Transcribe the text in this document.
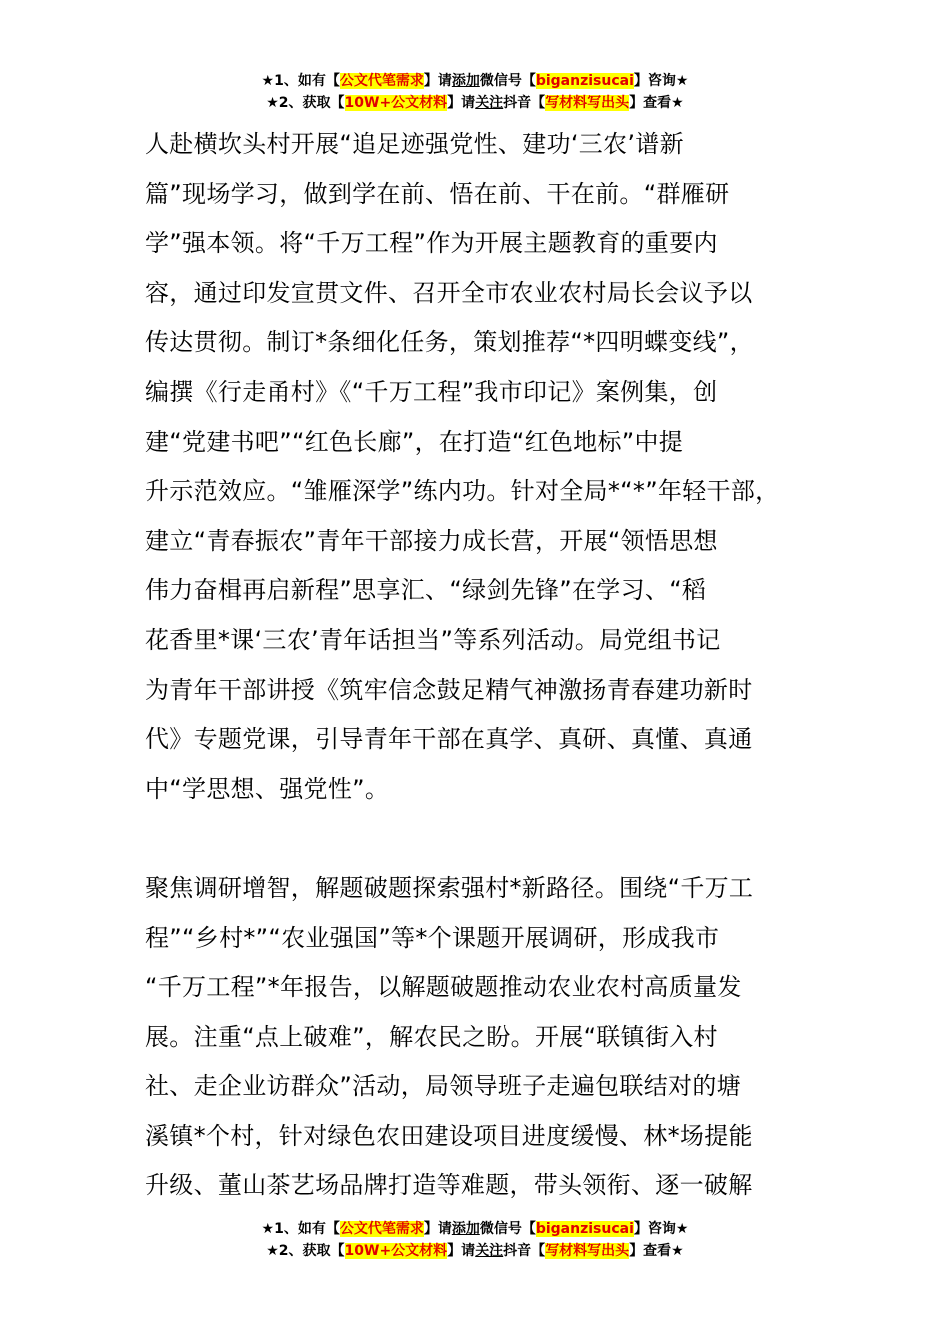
★1、如有【公文代笔需求】请添加微信号【biganzisucai】咨询★
★2、获取【10W+公文材料】请关注抖音【写材料写出头】查看★
人赴横坎头村开展“追足迹强党性、建功‘三农’谱新
篇”现场学习，做到学在前、悟在前、干在前。“群雁研
学”强本领。将“千万工程”作为开展主题教育的重要内
容，通过印发宣贯文件、召开全市农业农村局长会议予以
传达贯彻。制订*条细化任务，策划推荐“*四明蝶变线”，
编撰《行走甬村》《“千万工程”我市印记》案例集，创
建“党建书吧”“红色长廊”，在打造“红色地标”中提
升示范效应。“雏雁深学”练内功。针对全局*“*”年轻干部，
建立“青春振农”青年干部接力成长营，开展“领悟思想
伟力奋楫再启新程”思享汇、“绿剑先锋”在学习、“稻
花香里*课‘三农’青年话担当”等系列活动。局党组书记
为青年干部讲授《筑牢信念鼓足精气神激扬青春建功新时
代》专题党课，引导青年干部在真学、真研、真懂、真通
中“学思想、强党性”。
聚焦调研增智，解题破题探索强村*新路径。围绕“千万工
程”“乡村*”“农业强国”等*个课题开展调研，形成我市
“千万工程”*年报告，以解题破题推动农业农村高质量发
展。注重“点上破难”，解农民之盼。开展“联镇街入村
社、走企业访群众”活动，局领导班子走遍包联结对的塘
溪镇*个村，针对绿色农田建设项目进度缓慢、林*场提能
升级、董山茶艺场品牌打造等难题，带头领衔、逐一破解
★1、如有【公文代笔需求】请添加微信号【biganzisucai】咨询★
★2、获取【10W+公文材料】请关注抖音【写材料写出头】查看★
